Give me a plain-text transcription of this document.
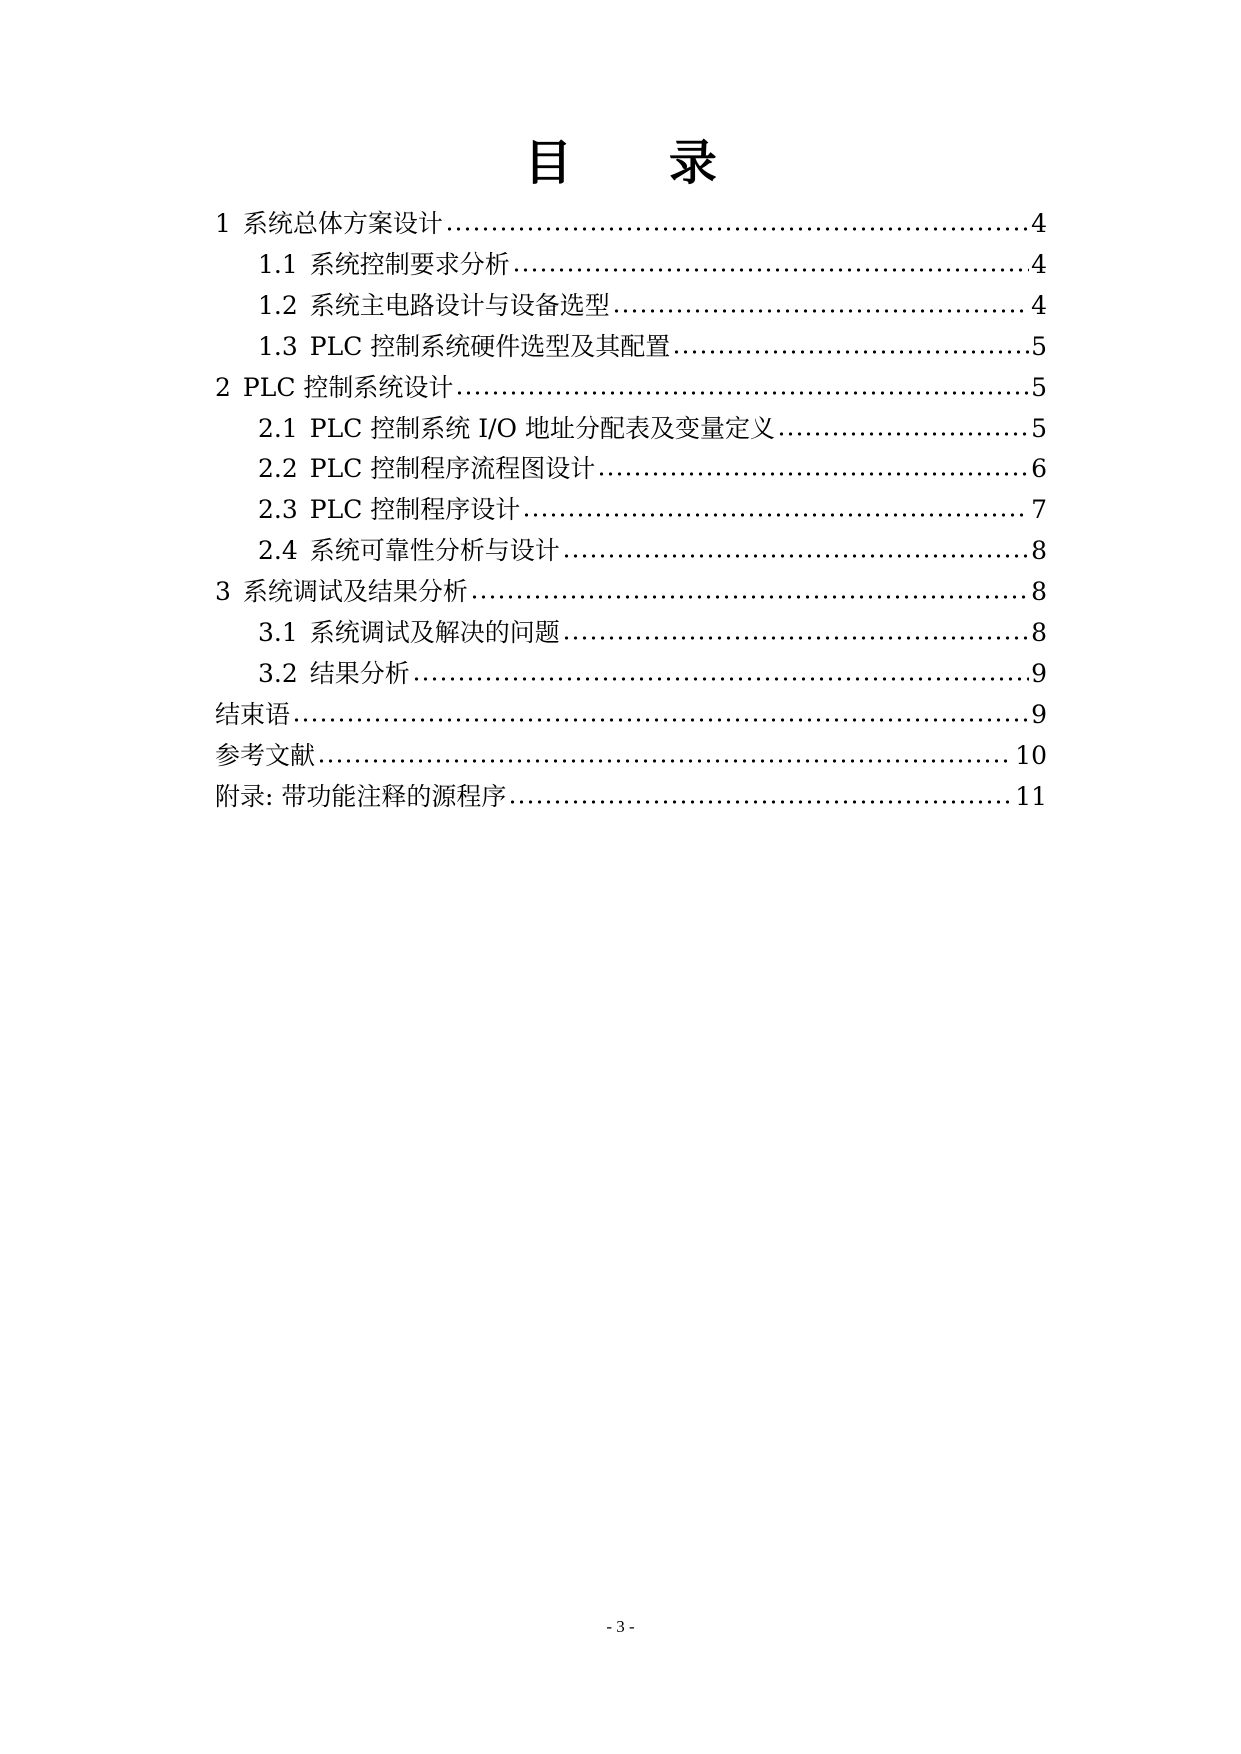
目 录
1 系统总体方案设计	4
1.1 系统控制要求分析	4
1.2 系统主电路设计与设备选型	4
1.3 PLC 控制系统硬件选型及其配置	5
2 PLC 控制系统设计	5
2.1 PLC 控制系统 I/O 地址分配表及变量定义	5
2.2 PLC 控制程序流程图设计	6
2.3 PLC 控制程序设计	7
2.4 系统可靠性分析与设计	8
3 系统调试及结果分析	8
3.1 系统调试及解决的问题	8
3.2 结果分析	9
结束语	9
参考文献	10
附录: 带功能注释的源程序	11
- 3 -
